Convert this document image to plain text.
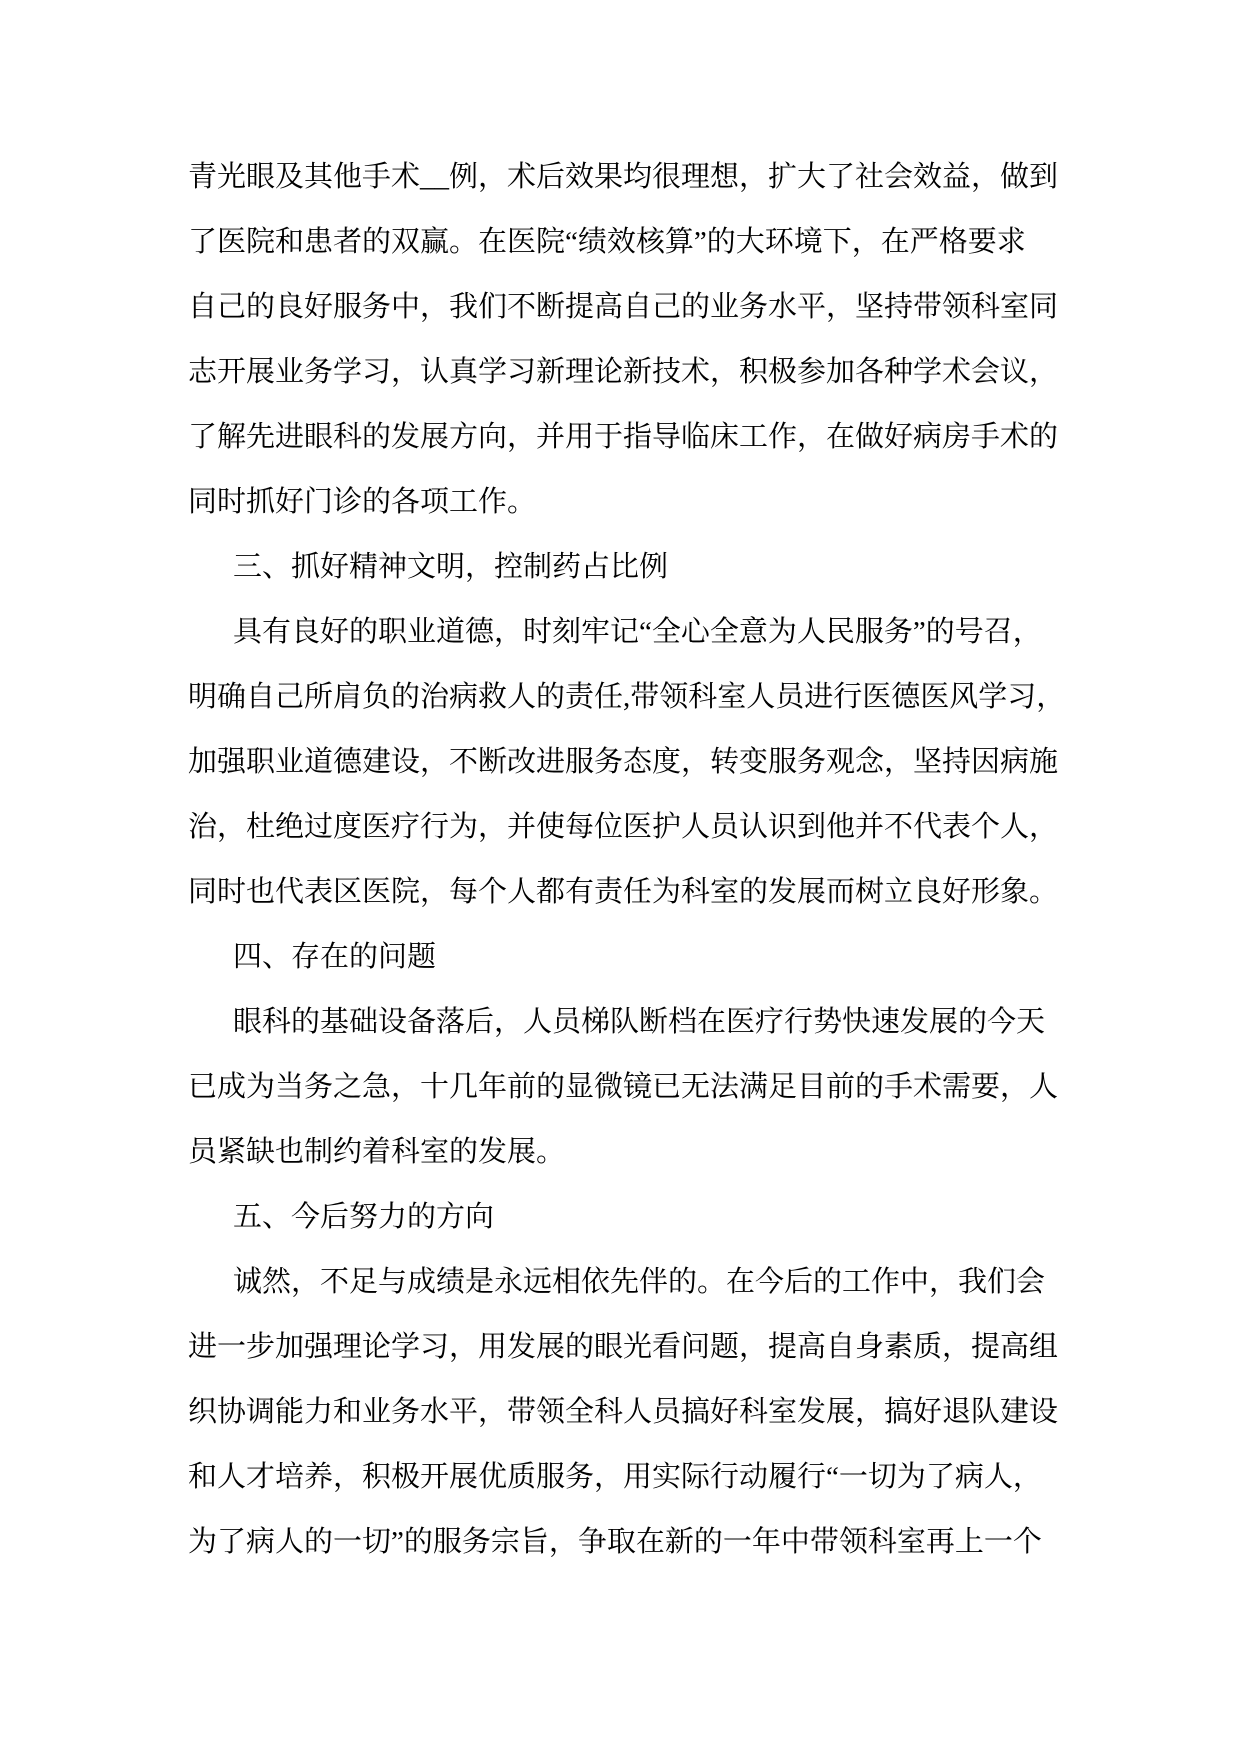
青光眼及其他手术__例，术后效果均很理想，扩大了社会效益，做到
了医院和患者的双赢。在医院“绩效核算”的大环境下，在严格要求
自己的良好服务中，我们不断提高自己的业务水平，坚持带领科室同
志开展业务学习，认真学习新理论新技术，积极参加各种学术会议，
了解先进眼科的发展方向，并用于指导临床工作，在做好病房手术的
同时抓好门诊的各项工作。
三、抓好精神文明，控制药占比例
具有良好的职业道德，时刻牢记“全心全意为人民服务”的号召，
明确自己所肩负的治病救人的责任,带领科室人员进行医德医风学习，
加强职业道德建设，不断改进服务态度，转变服务观念，坚持因病施
治，杜绝过度医疗行为，并使每位医护人员认识到他并不代表个人，
同时也代表区医院，每个人都有责任为科室的发展而树立良好形象。
四、存在的问题
眼科的基础设备落后，人员梯队断档在医疗行势快速发展的今天
已成为当务之急，十几年前的显微镜已无法满足目前的手术需要，人
员紧缺也制约着科室的发展。
五、今后努力的方向
诚然，不足与成绩是永远相依先伴的。在今后的工作中，我们会
进一步加强理论学习，用发展的眼光看问题，提高自身素质，提高组
织协调能力和业务水平，带领全科人员搞好科室发展，搞好退队建设
和人才培养，积极开展优质服务，用实际行动履行“一切为了病人，
为了病人的一切”的服务宗旨，争取在新的一年中带领科室再上一个
